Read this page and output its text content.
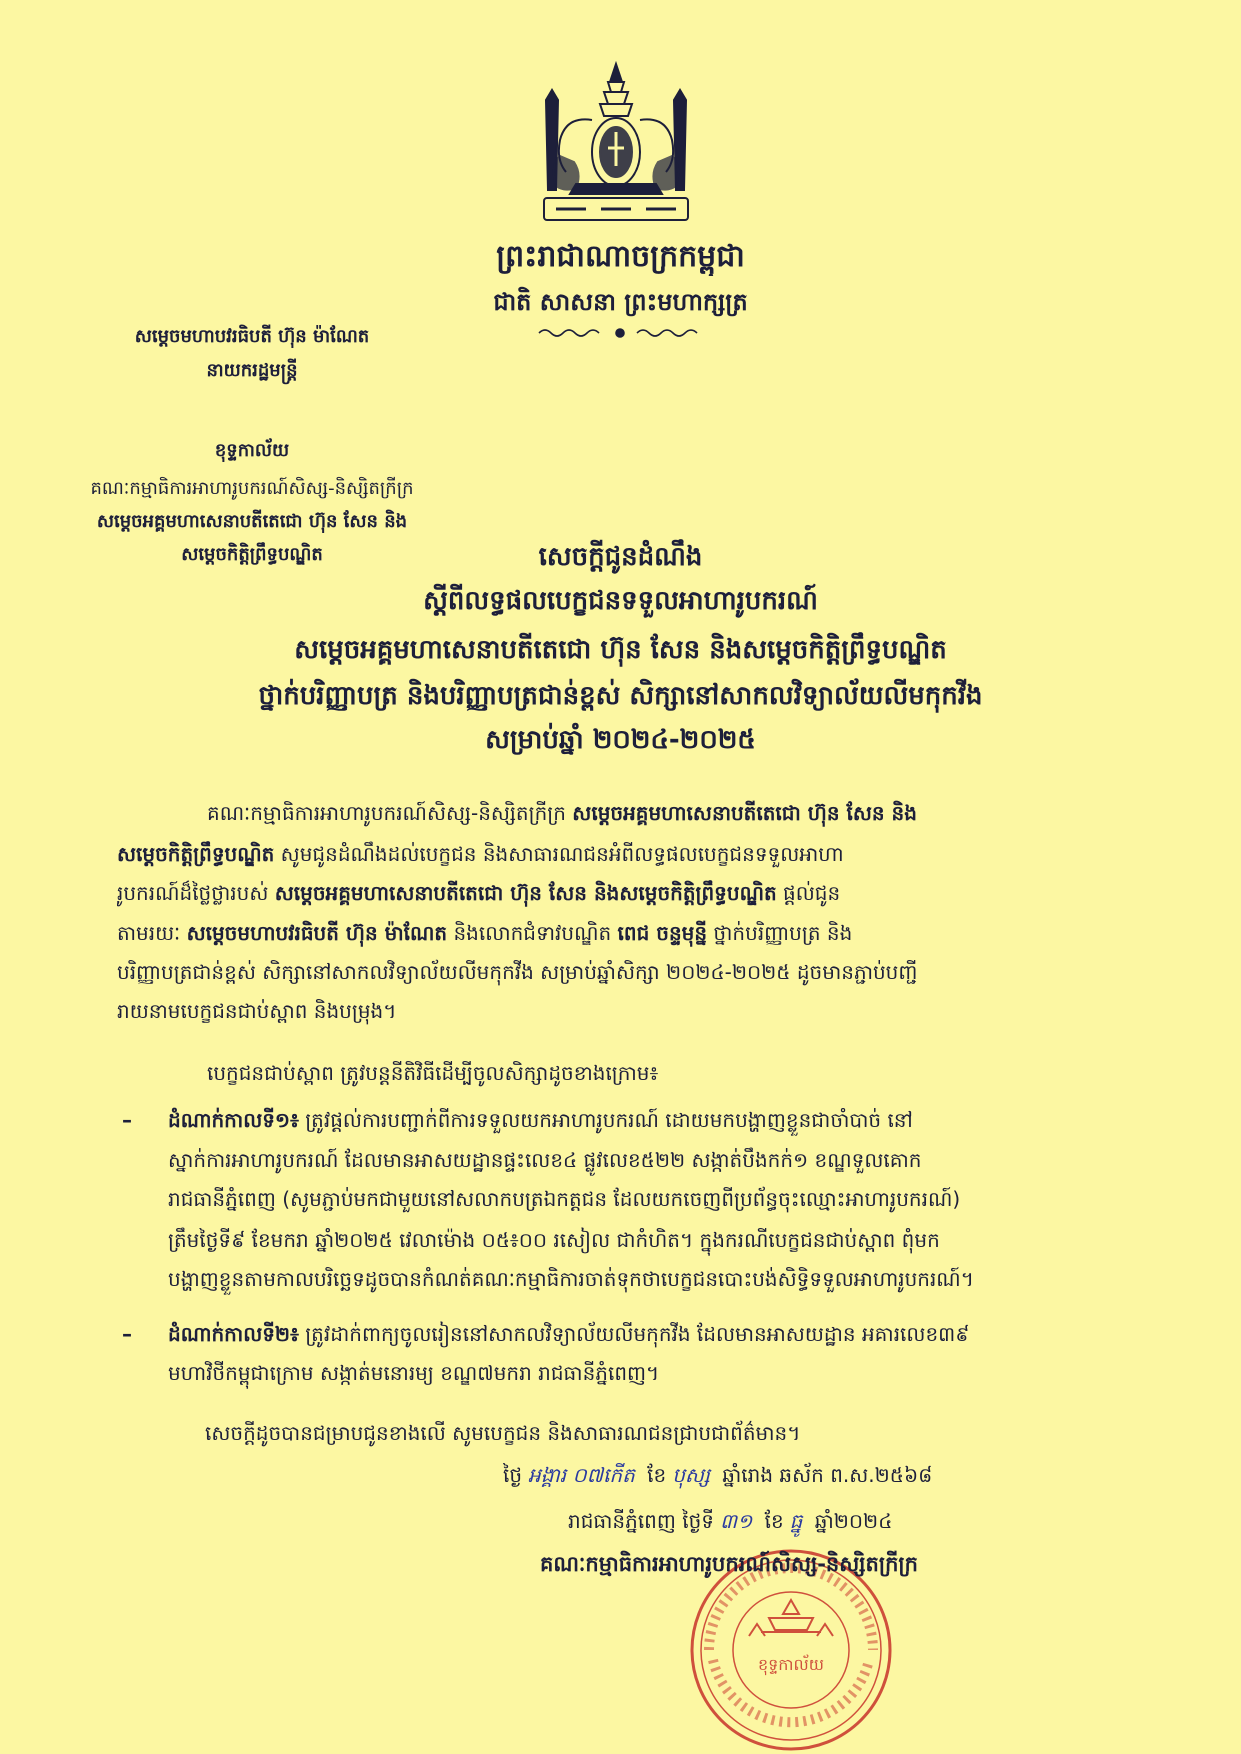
ព្រះរាជាណាចក្រកម្ពុជា
ជាតិ សាសនា ព្រះមហាក្សត្រ
សម្តេចមហាបវរធិបតី ហ៊ុន ម៉ាណែត
នាយករដ្ឋមន្ត្រី
ខុទ្ទកាល័យ
គណៈកម្មាធិការអាហារូបករណ៍សិស្ស-និស្សិតក្រីក្រ
សម្តេចអគ្គមហាសេនាបតីតេជោ ហ៊ុន សែន និង
សម្តេចកិត្តិព្រឹទ្ធបណ្ឌិត	សេចក្តីជូនដំណឹង
ស្តីពីលទ្ធផលបេក្ខជនទទួលអាហារូបករណ៍
សម្តេចអគ្គមហាសេនាបតីតេជោ ហ៊ុន សែន និងសម្តេចកិត្តិព្រឹទ្ធបណ្ឌិត
ថ្នាក់បរិញ្ញាបត្រ និងបរិញ្ញាបត្រជាន់ខ្ពស់ សិក្សានៅសាកលវិទ្យាល័យលីមកុកវីង
សម្រាប់ឆ្នាំ ២០២៤-២០២៥
គណៈកម្មាធិការអាហារូបករណ៍សិស្ស-និស្សិតក្រីក្រ សម្តេចអគ្គមហាសេនាបតីតេជោ ហ៊ុន សែន និង
សម្តេចកិត្តិព្រឹទ្ធបណ្ឌិត សូមជូនដំណឹងដល់បេក្ខជន និងសាធារណជនអំពីលទ្ធផលបេក្ខជនទទួលអាហា
រូបករណ៍ដ៏ថ្លៃថ្លារបស់ សម្តេចអគ្គមហាសេនាបតីតេជោ ហ៊ុន សែន និងសម្តេចកិត្តិព្រឹទ្ធបណ្ឌិត ផ្តល់ជូន
តាមរយៈ សម្តេចមហាបវរធិបតី ហ៊ុន ម៉ាណែត និងលោកជំទាវបណ្ឌិត ពេជ ចន្ទមុន្នី ថ្នាក់បរិញ្ញាបត្រ និង
បរិញ្ញាបត្រជាន់ខ្ពស់ សិក្សានៅសាកលវិទ្យាល័យលីមកុកវីង សម្រាប់ឆ្នាំសិក្សា ២០២៤-២០២៥ ដូចមានភ្ជាប់បញ្ជី
រាយនាមបេក្ខជនជាប់ស្ពាព និងបម្រុង។
បេក្ខជនជាប់ស្ពាព ត្រូវបន្តនីតិវិធីដើម្បីចូលសិក្សាដូចខាងក្រោម៖
– ដំណាក់កាលទី១៖ ត្រូវផ្តល់ការបញ្ជាក់ពីការទទួលយកអាហារូបករណ៍ ដោយមកបង្ហាញខ្លួនជាចាំបាច់ នៅ
ស្នាក់ការអាហារូបករណ៍ ដែលមានអាសយដ្ឋានផ្ទះលេខ៤ ផ្លូវលេខ៥២២ សង្កាត់បឹងកក់១ ខណ្ឌទួលគោក
រាជធានីភ្នំពេញ (សូមភ្ជាប់មកជាមួយនៅសលាកបត្រឯកត្តជន ដែលយកចេញពីប្រព័ន្ធចុះឈ្មោះអាហារូបករណ៍)
ត្រឹមថ្ងៃទី៩ ខែមករា ឆ្នាំ២០២៥ វេលាម៉ោង ០៥៖០០ រសៀល ជាកំហិត។ ក្នុងករណីបេក្ខជនជាប់ស្ពាព ពុំមក
បង្ហាញខ្លួនតាមកាលបរិច្ឆេទដូចបានកំណត់គណៈកម្មាធិការចាត់ទុកថាបេក្ខជនបោះបង់សិទ្ធិទទួលអាហារូបករណ៍។
– ដំណាក់កាលទី២៖ ត្រូវដាក់ពាក្យចូលរៀននៅសាកលវិទ្យាល័យលីមកុកវីង ដែលមានអាសយដ្ឋាន អគារលេខ៣៩
មហាវិថីកម្ពុជាក្រោម សង្កាត់មនោរម្យ ខណ្ឌ៧មករា រាជធានីភ្នំពេញ។
សេចក្តីដូចបានជម្រាបជូនខាងលើ សូមបេក្ខជន និងសាធារណជនជ្រាបជាព័ត៌មាន។
ថ្ងៃ អង្គារ ០៧កើត ខែ បុស្ស ឆ្នាំរោង ឆស័ក ព.ស.២៥៦៨
រាជធានីភ្នំពេញ ថ្ងៃទី ៣១ ខែ ធ្នូ ឆ្នាំ២០២៤
ខុទ្ទកាល័យ
គណៈកម្មាធិការអាហារូបករណ៍សិស្ស-និស្សិតក្រីក្រ
